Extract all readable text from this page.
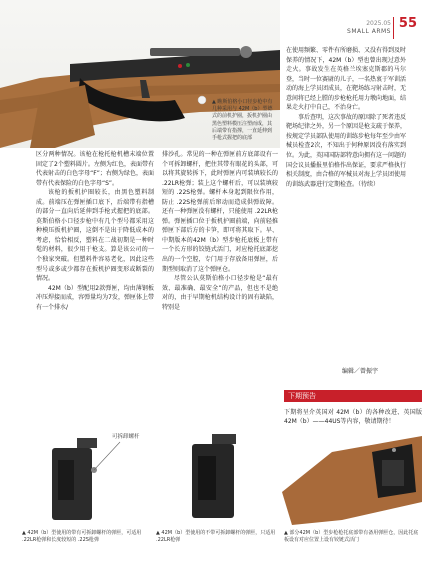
2025.05
SMALL ARMS
55
▲ 瞧斯伯格小口径步枪中有几种采用与 42M（b）型德式的前机护圈，扳机护圈由黑色塑料模压注塑而成，其后端带有指撑，一直延伸到手枪式握把的底部

区分两种情况。该枪在枪托枪机槽末端位置固定了2个塑料圆片。左侧为红色，表面带有代表射击的白色字母“F”；右侧为绿色，表面带有代表保险的白色字母“S”。

该枪的扳机护圈较长，由黑色塑料制成。前端压在弹匣插口底下，后端带有指槽的部分一直向后延伸到手枪式握把的底部。莫斯伯格小口径步枪中有几个型号都采用这种模压扳机护圈，这倒不是出于降低成本的考虑，恰恰相反，塑料在二战初期是一种时髦的材料，很少用于枪支。算是该公司的一个独家突破。但塑料件容易老化，因此这些型号或多或少都存在扳机护圈变形或断裂的情况。

42M（b）型配用2款弹匣，均由薄钢板冲压焊接而成，容弹量均为7发，弹匣体上带有一个排水/

排沙孔。常见的一种在弹匣前方底部设有一个可拆卸螺杆，把住其带有眼花的头部，可以将其旋转拆下，此时弹匣内可装填较长的 .22LR枪弹；装上这个螺杆后，可以装填较短的 .22S枪弹。螺杆本身起到限位作用，防止 .22S枪弹前后窜动而造成供弹故障。还有一种弹匣没有螺杆，只能使用 .22LR枪弹。弹匣插口位于扳机护圈前端，向前轻推弹匣下部后方的卡笋，即可将其取下。早、中期版本的42M（b）型步枪托底板上带有一个长方形的铰链式活门，对应枪托底部挖出的一个空腔，专门用于存放备用弹匣，后期型则取消了这个弹匣仓。

尽管公认莫斯伯格小口径步枪是“最有效、最准确、最安全”的产品，但也不是绝对的，由于早期枪机结构设计的固有缺陷，特别是

在使用频繁、零件有所磨损、又没有得到及时保养的情况下，42M（b）型也曾出现过意外走火。事故发生在英格兰埃塞克斯郡的马尔登，当时一位赛尉的儿子，一名热衷于军训活动的海上学员团成员，在靶场练习射击时，无意间将已经上膛的步枪枪托用力墩向地面，结果走火打中自己，不治身亡。

事后查明，这次事故的原因除了死者违反靶场纪律之外，另一个原因是枪支疏于保养，按规定学员部队使用的训练步枪每年至少由军械员检查2次，不知出于何种原因没有落实到位。为此，英国国防部特意向拥有这一问题的国会议员播报里伯格作出保证，要求严格执行相关制度，由合格的军械员对海上学员团使用的训练武器进行定期检查。（待续）

编辑／曾振宇
下期预告
下期将呈介英国对 42M（b）的各种改进、英国版 42M（b）——44US等内容，敬请期待！
可拆卸螺杆
▲ 42M（b）型使用的带有可拆卸螺杆的弹匣，可适用 .22LR枪弹和长度较短的 .22S枪弹
▲ 42M（b）型使用的不带可拆卸螺杆的弹匣，只适用 .22LR枪弹
▲ 部分42M（b）型步枪枪托底部带有备用弹匣仓，因此托底板设有对应位置上设有铰链式活门
